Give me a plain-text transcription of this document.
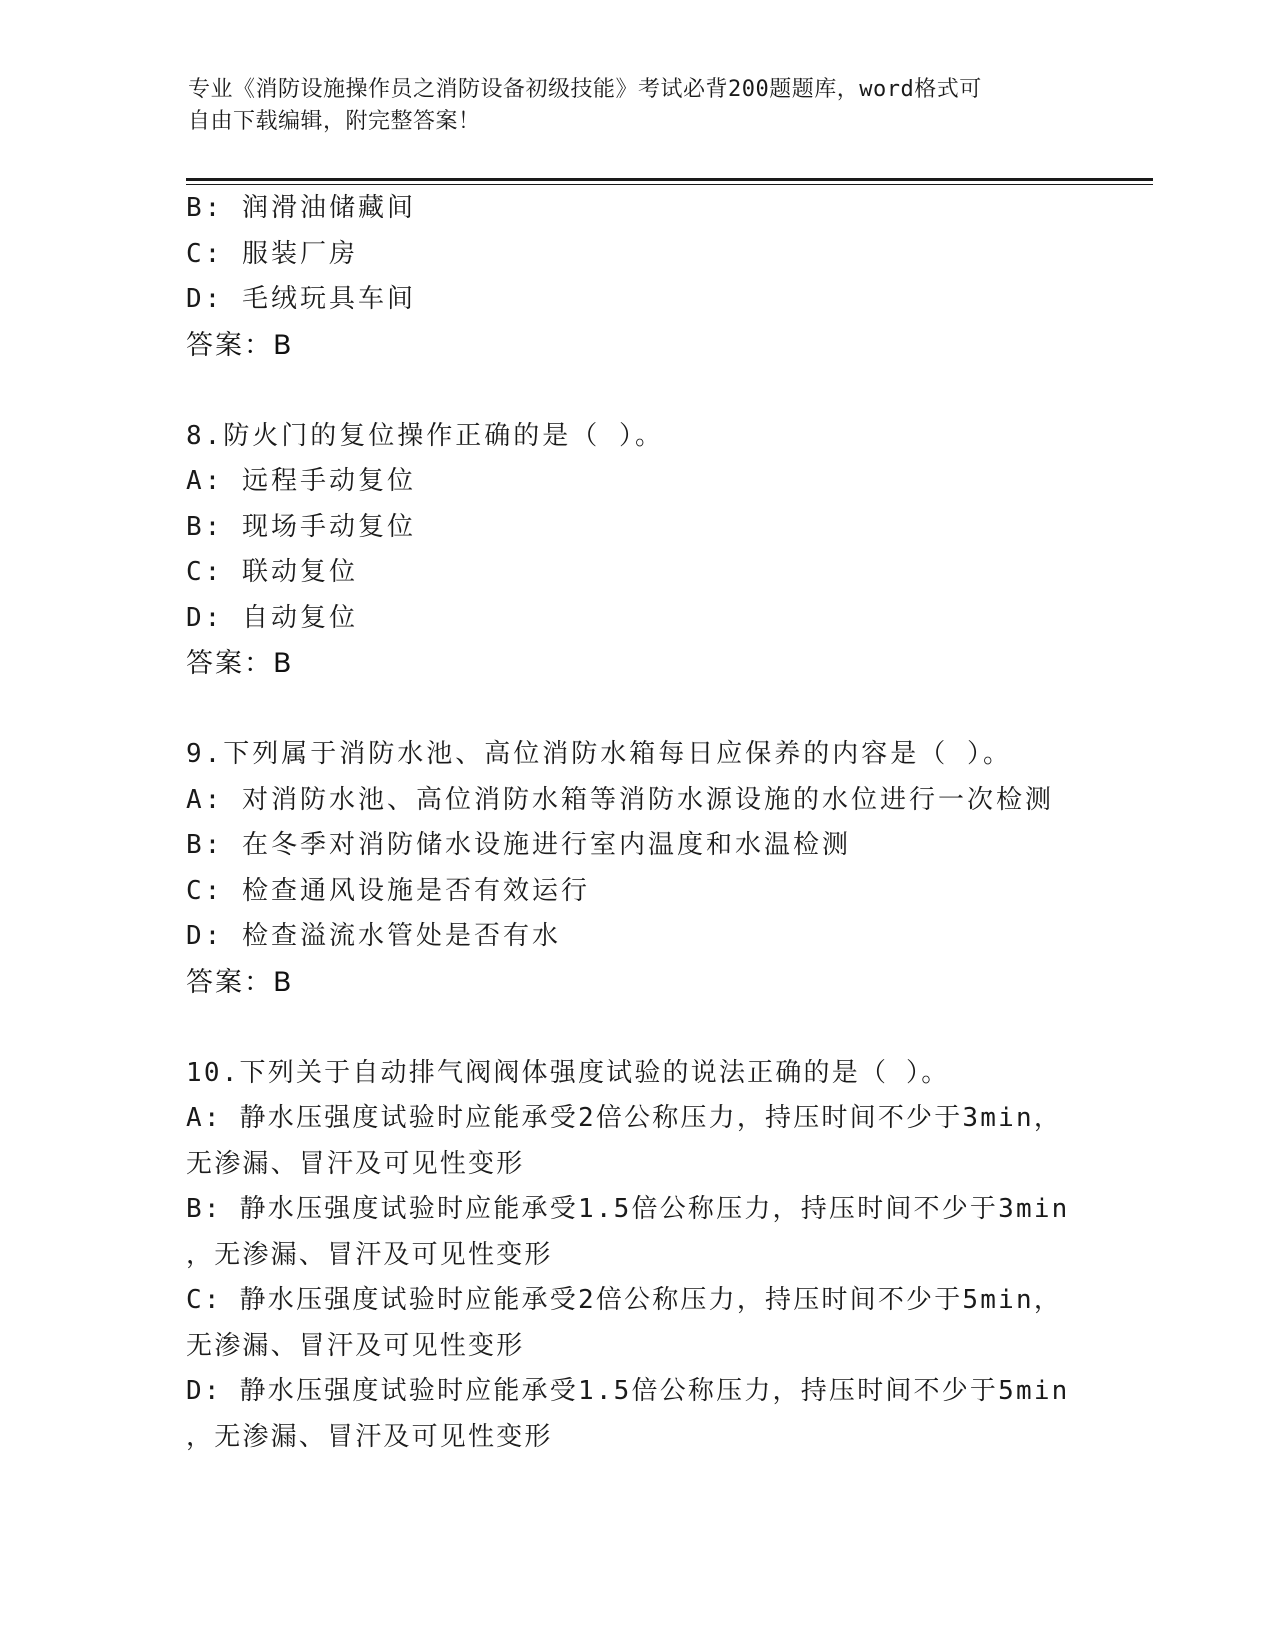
专业《消防设施操作员之消防设备初级技能》考试必背200题题库，word格式可
自由下载编辑，附完整答案！
B: 润滑油储藏间
C: 服装厂房
D: 毛绒玩具车间
答案：B
8.防火门的复位操作正确的是（ ）。
A: 远程手动复位
B: 现场手动复位
C: 联动复位
D: 自动复位
答案：B
9.下列属于消防水池、高位消防水箱每日应保养的内容是（ ）。
A: 对消防水池、高位消防水箱等消防水源设施的水位进行一次检测
B: 在冬季对消防储水设施进行室内温度和水温检测
C: 检查通风设施是否有效运行
D: 检查溢流水管处是否有水
答案：B
10.下列关于自动排气阀阀体强度试验的说法正确的是（ ）。
A: 静水压强度试验时应能承受2倍公称压力，持压时间不少于3min，
无渗漏、冒汗及可见性变形
B: 静水压强度试验时应能承受1.5倍公称压力，持压时间不少于3min
，无渗漏、冒汗及可见性变形
C: 静水压强度试验时应能承受2倍公称压力，持压时间不少于5min，
无渗漏、冒汗及可见性变形
D: 静水压强度试验时应能承受1.5倍公称压力，持压时间不少于5min
，无渗漏、冒汗及可见性变形
